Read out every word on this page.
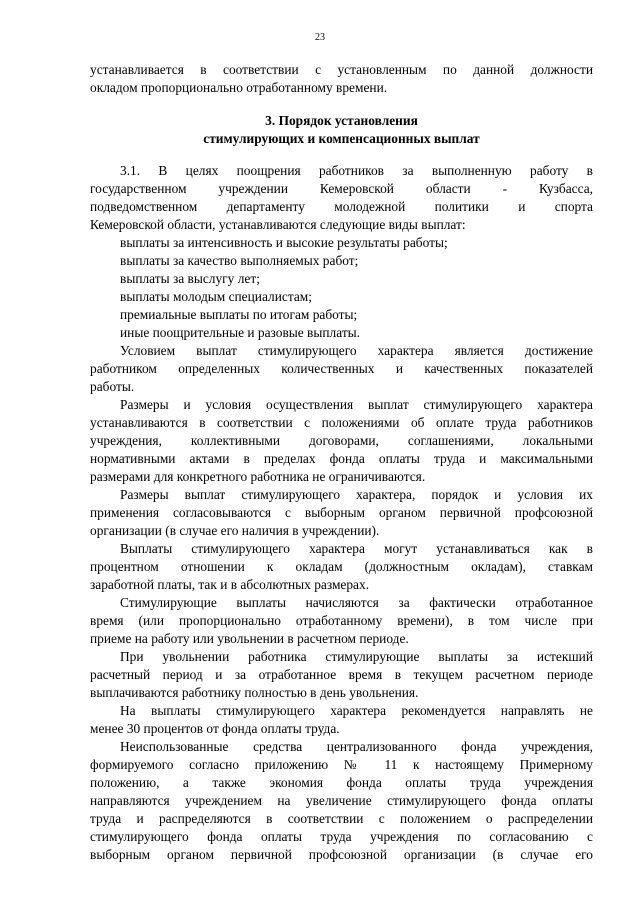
23
устанавливается в соответствии с установленным по данной должности
окладом пропорционально отработанному времени.
3. Порядок установления
стимулирующих и компенсационных выплат
3.1. В целях поощрения работников за выполненную работу в
государственном учреждении Кемеровской области - Кузбасса,
подведомственном департаменту молодежной политики и спорта
Кемеровской области, устанавливаются следующие виды выплат:
выплаты за интенсивность и высокие результаты работы;
выплаты за качество выполняемых работ;
выплаты за выслугу лет;
выплаты молодым специалистам;
премиальные выплаты по итогам работы;
иные поощрительные и разовые выплаты.
Условием выплат стимулирующего характера является достижение
работником определенных количественных и качественных показателей
работы.
Размеры и условия осуществления выплат стимулирующего характера
устанавливаются в соответствии с положениями об оплате труда работников
учреждения, коллективными договорами, соглашениями, локальными
нормативными актами в пределах фонда оплаты труда и максимальными
размерами для конкретного работника не ограничиваются.
Размеры выплат стимулирующего характера, порядок и условия их
применения согласовываются с выборным органом первичной профсоюзной
организации (в случае его наличия в учреждении).
Выплаты стимулирующего характера могут устанавливаться как в
процентном отношении к окладам (должностным окладам), ставкам
заработной платы, так и в абсолютных размерах.
Стимулирующие выплаты начисляются за фактически отработанное
время (или пропорционально отработанному времени), в том числе при
приеме на работу или увольнении в расчетном периоде.
При увольнении работника стимулирующие выплаты за истекший
расчетный период и за отработанное время в текущем расчетном периоде
выплачиваются работнику полностью в день увольнения.
На выплаты стимулирующего характера рекомендуется направлять не
менее 30 процентов от фонда оплаты труда.
Неиспользованные средства централизованного фонда учреждения,
формируемого согласно приложению № 11 к настоящему Примерному
положению, а также экономия фонда оплаты труда учреждения
направляются учреждением на увеличение стимулирующего фонда оплаты
труда и распределяются в соответствии с положением о распределении
стимулирующего фонда оплаты труда учреждения по согласованию с
выборным органом первичной профсоюзной организации (в случае его
